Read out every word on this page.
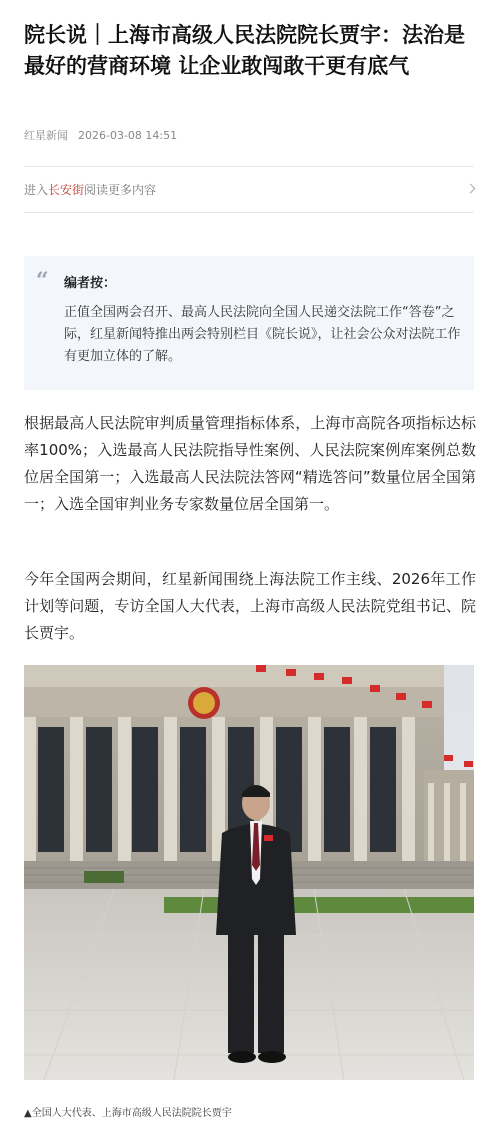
院长说｜上海市高级人民法院院长贾宇：法治是最好的营商环境 让企业敢闯敢干更有底气
红星新闻 2026-03-08 14:51
进入长安街阅读更多内容
“ 编者按：
正值全国两会召开、最高人民法院向全国人民递交法院工作“答卷”之际，红星新闻特推出两会特别栏目《院长说》，让社会公众对法院工作有更加立体的了解。
根据最高人民法院审判质量管理指标体系，上海市高院各项指标达标率100%；入选最高人民法院指导性案例、人民法院案例库案例总数位居全国第一；入选最高人民法院法答网“精选答问”数量位居全国第一；入选全国审判业务专家数量位居全国第一。
今年全国两会期间，红星新闻围绕上海法院工作主线、2026年工作计划等问题，专访全国人大代表，上海市高级人民法院党组书记、院长贾宇。
▲全国人大代表、上海市高级人民法院院长贾宇
